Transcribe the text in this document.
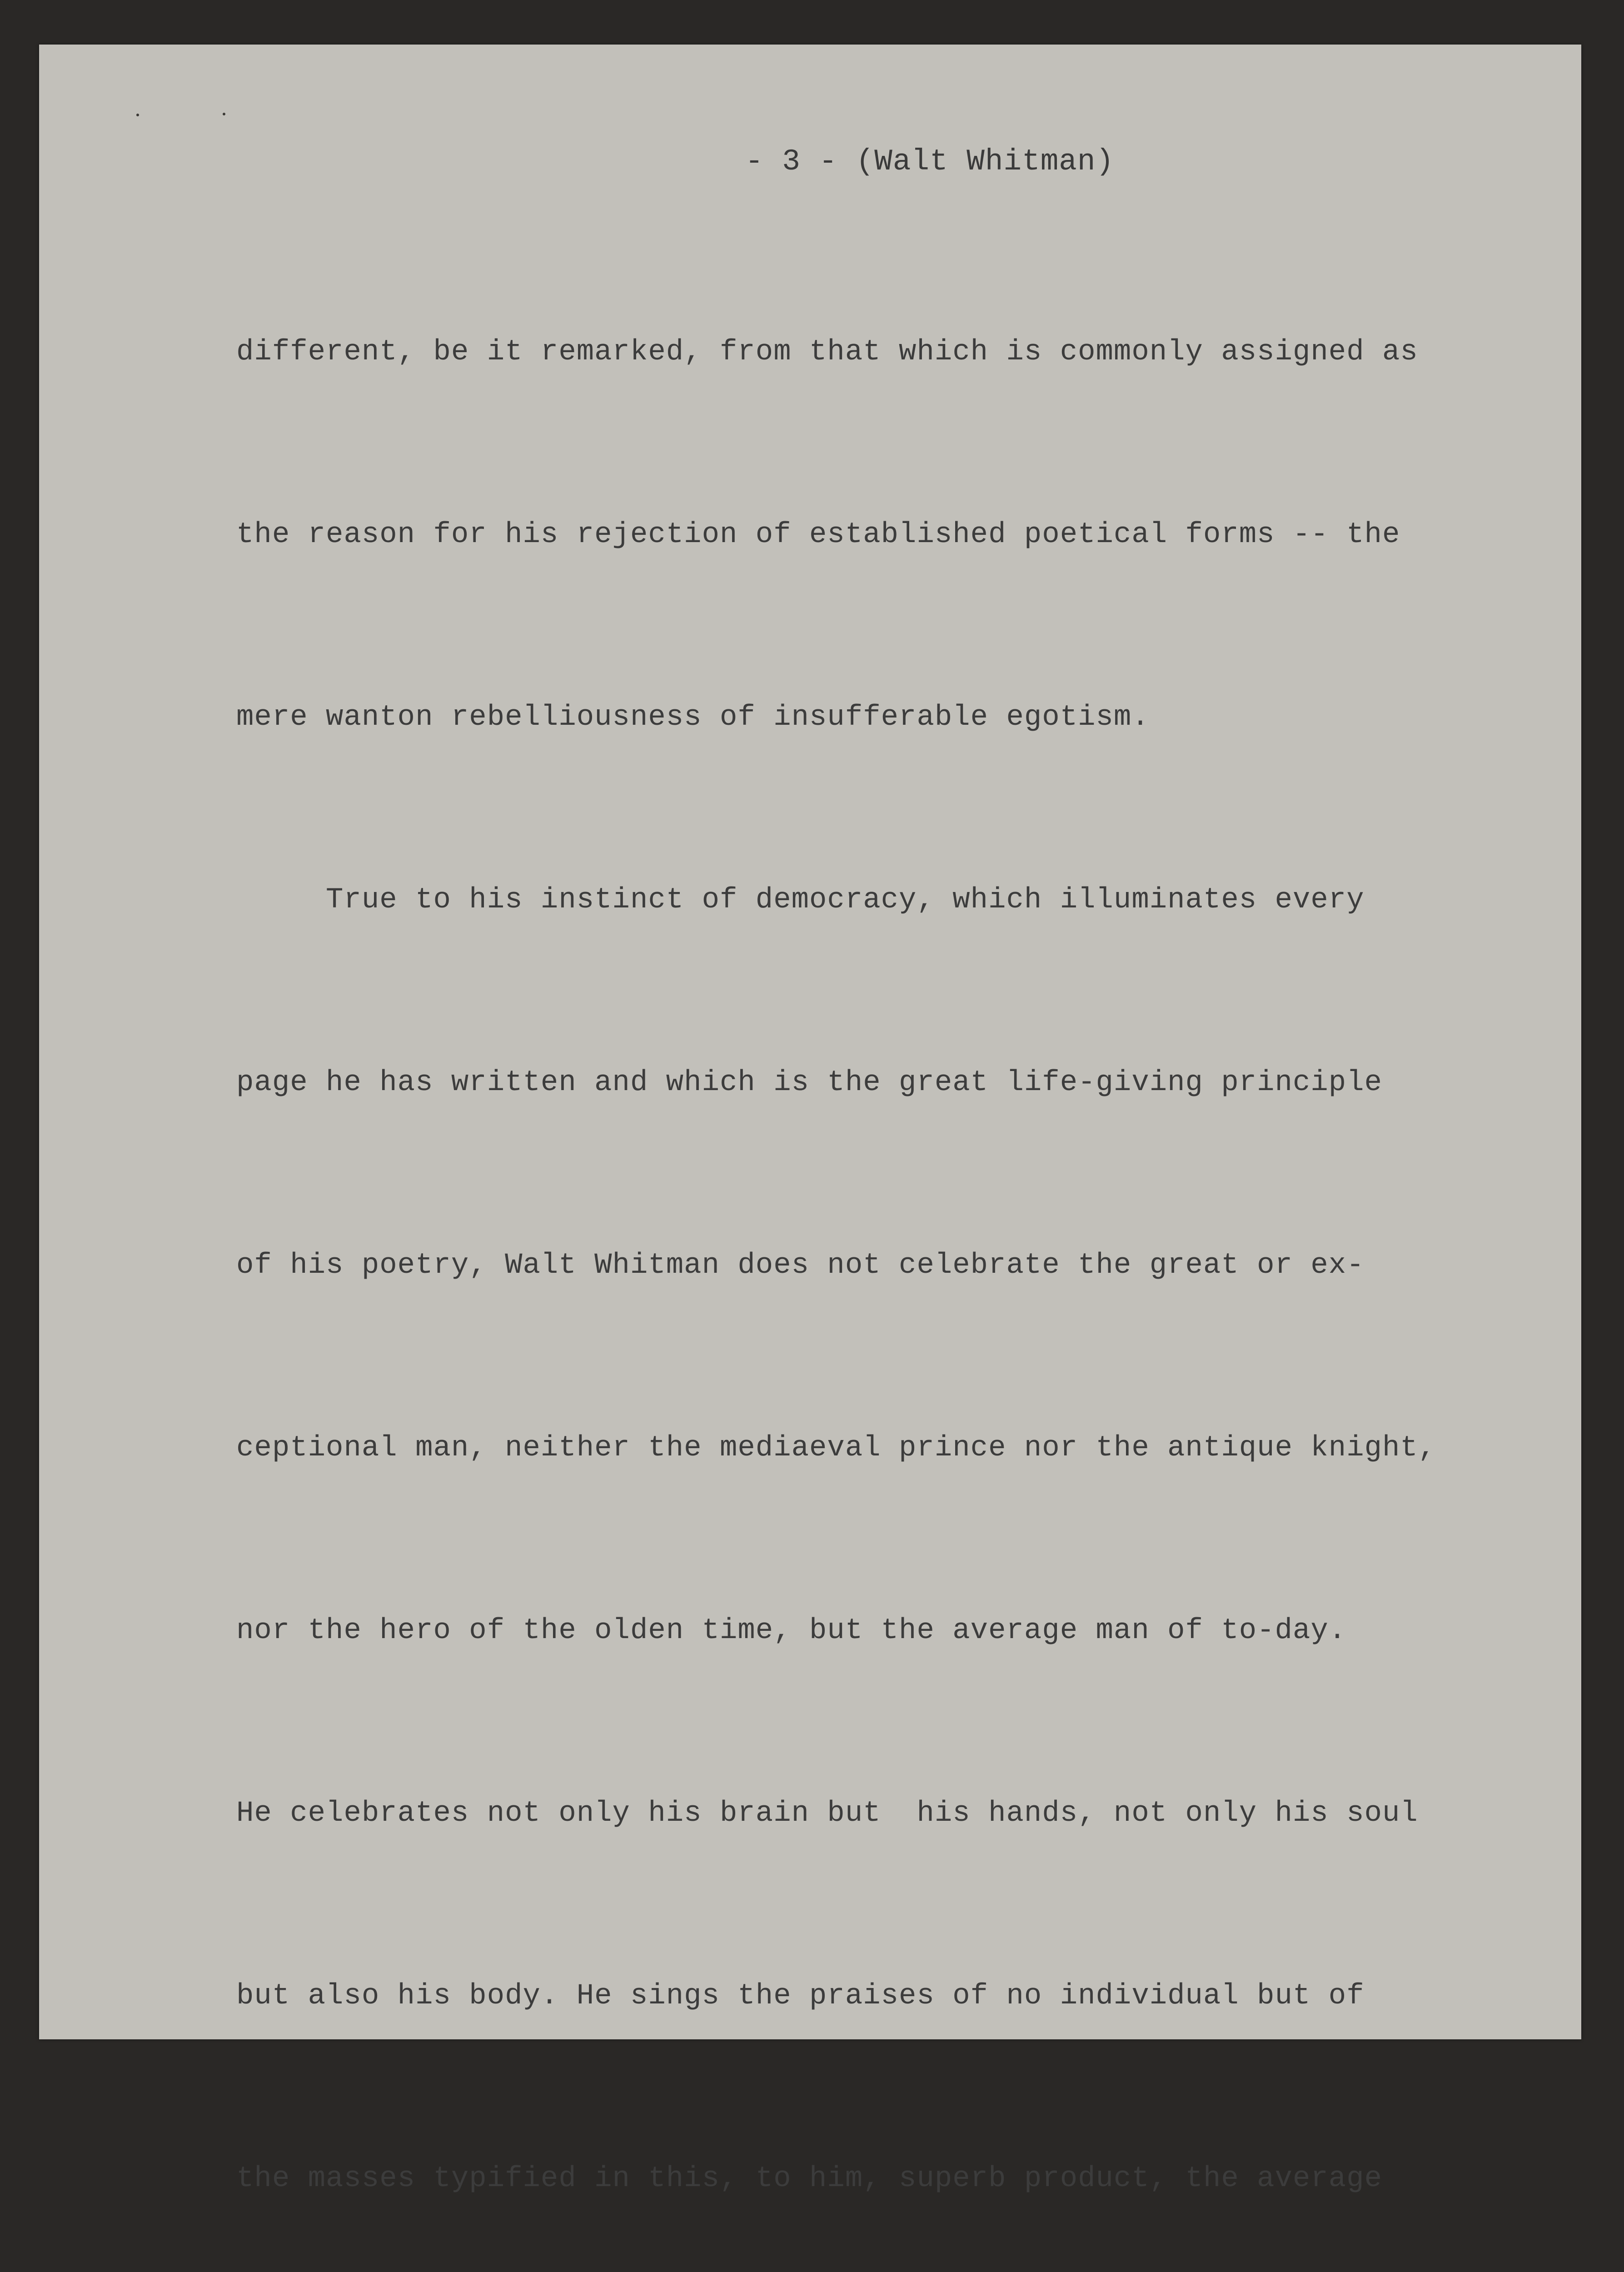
- 3 - (Walt Whitman)

different, be it remarked, from that which is commonly assigned as

the reason for his rejection of established poetical forms -- the

mere wanton rebelliousness of insufferable egotism.

True to his instinct of democracy, which illuminates every

page he has written and which is the great life-giving principle

of his poetry, Walt Whitman does not celebrate the great or ex-

ceptional man, neither the mediaeval prince nor the antique knight,

nor the hero of the olden time, but the average man of to-day.

He celebrates not only his brain but  his hands, not only his soul

but also his body. He sings the praises of no individual but of

the masses typified in this, to him, superb product, the average
